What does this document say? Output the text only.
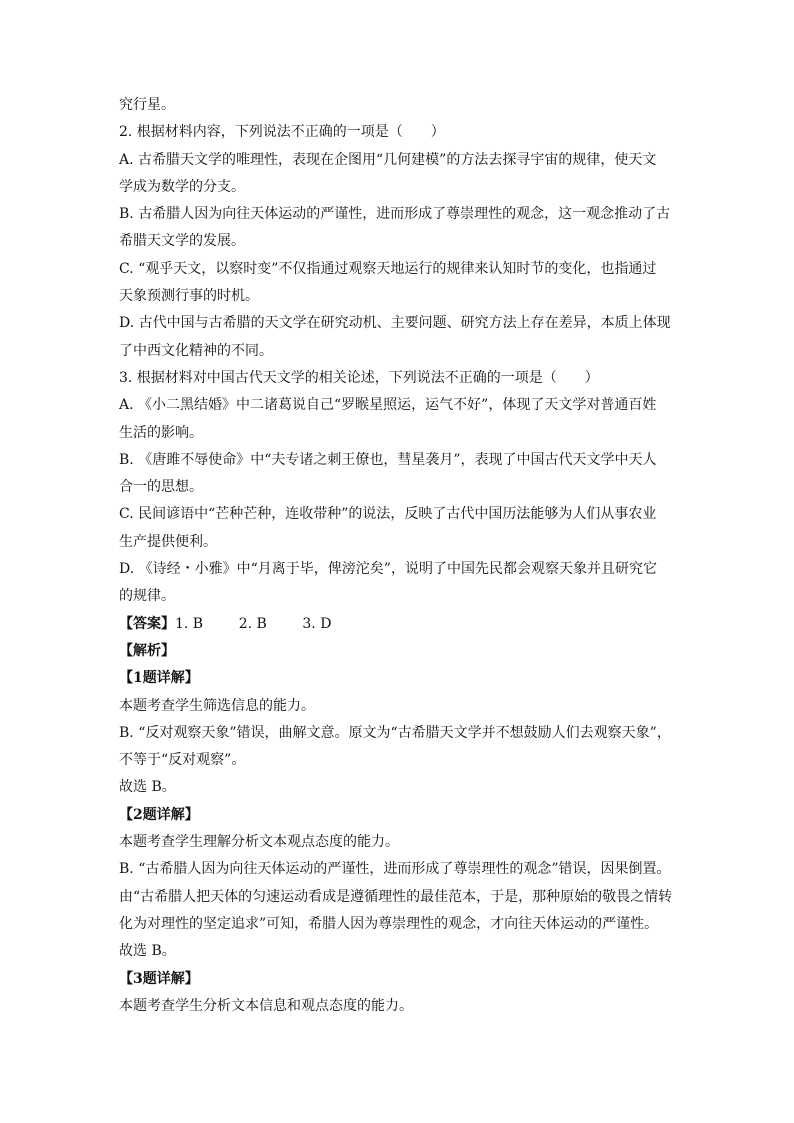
究行星。
2. 根据材料内容，下列说法不正确的一项是（　　）
A. 古希腊天文学的唯理性，表现在企图用“几何建模”的方法去探寻宇宙的规律，使天文
学成为数学的分支。
B. 古希腊人因为向往天体运动的严谨性，进而形成了尊崇理性的观念，这一观念推动了古
希腊天文学的发展。
C. “观乎天文，以察时变”不仅指通过观察天地运行的规律来认知时节的变化，也指通过
天象预测行事的时机。
D. 古代中国与古希腊的天文学在研究动机、主要问题、研究方法上存在差异，本质上体现
了中西文化精神的不同。
3. 根据材料对中国古代天文学的相关论述，下列说法不正确的一项是（　　）
A. 《小二黑结婚》中二诸葛说自己“罗睺星照运，运气不好”，体现了天文学对普通百姓
生活的影响。
B. 《唐雎不辱使命》中“夫专诸之刺王僚也，彗星袭月”，表现了中国古代天文学中天人
合一的思想。
C. 民间谚语中“芒种芒种，连收带种”的说法，反映了古代中国历法能够为人们从事农业
生产提供便利。
D. 《诗经・小雅》中“月离于毕，俾滂沱矣”，说明了中国先民都会观察天象并且研究它
的规律。
【答案】1. B        2. B        3. D
【解析】
【1题详解】
本题考查学生筛选信息的能力。
B. “反对观察天象”错误，曲解文意。原文为“古希腊天文学并不想鼓励人们去观察天象”，
不等于“反对观察”。
故选 B。
【2题详解】
本题考查学生理解分析文本观点态度的能力。
B. “古希腊人因为向往天体运动的严谨性，进而形成了尊崇理性的观念”错误，因果倒置。
由“古希腊人把天体的匀速运动看成是遵循理性的最佳范本，于是，那种原始的敬畏之情转
化为对理性的坚定追求”可知，希腊人因为尊崇理性的观念，才向往天体运动的严谨性。
故选 B。
【3题详解】
本题考查学生分析文本信息和观点态度的能力。
